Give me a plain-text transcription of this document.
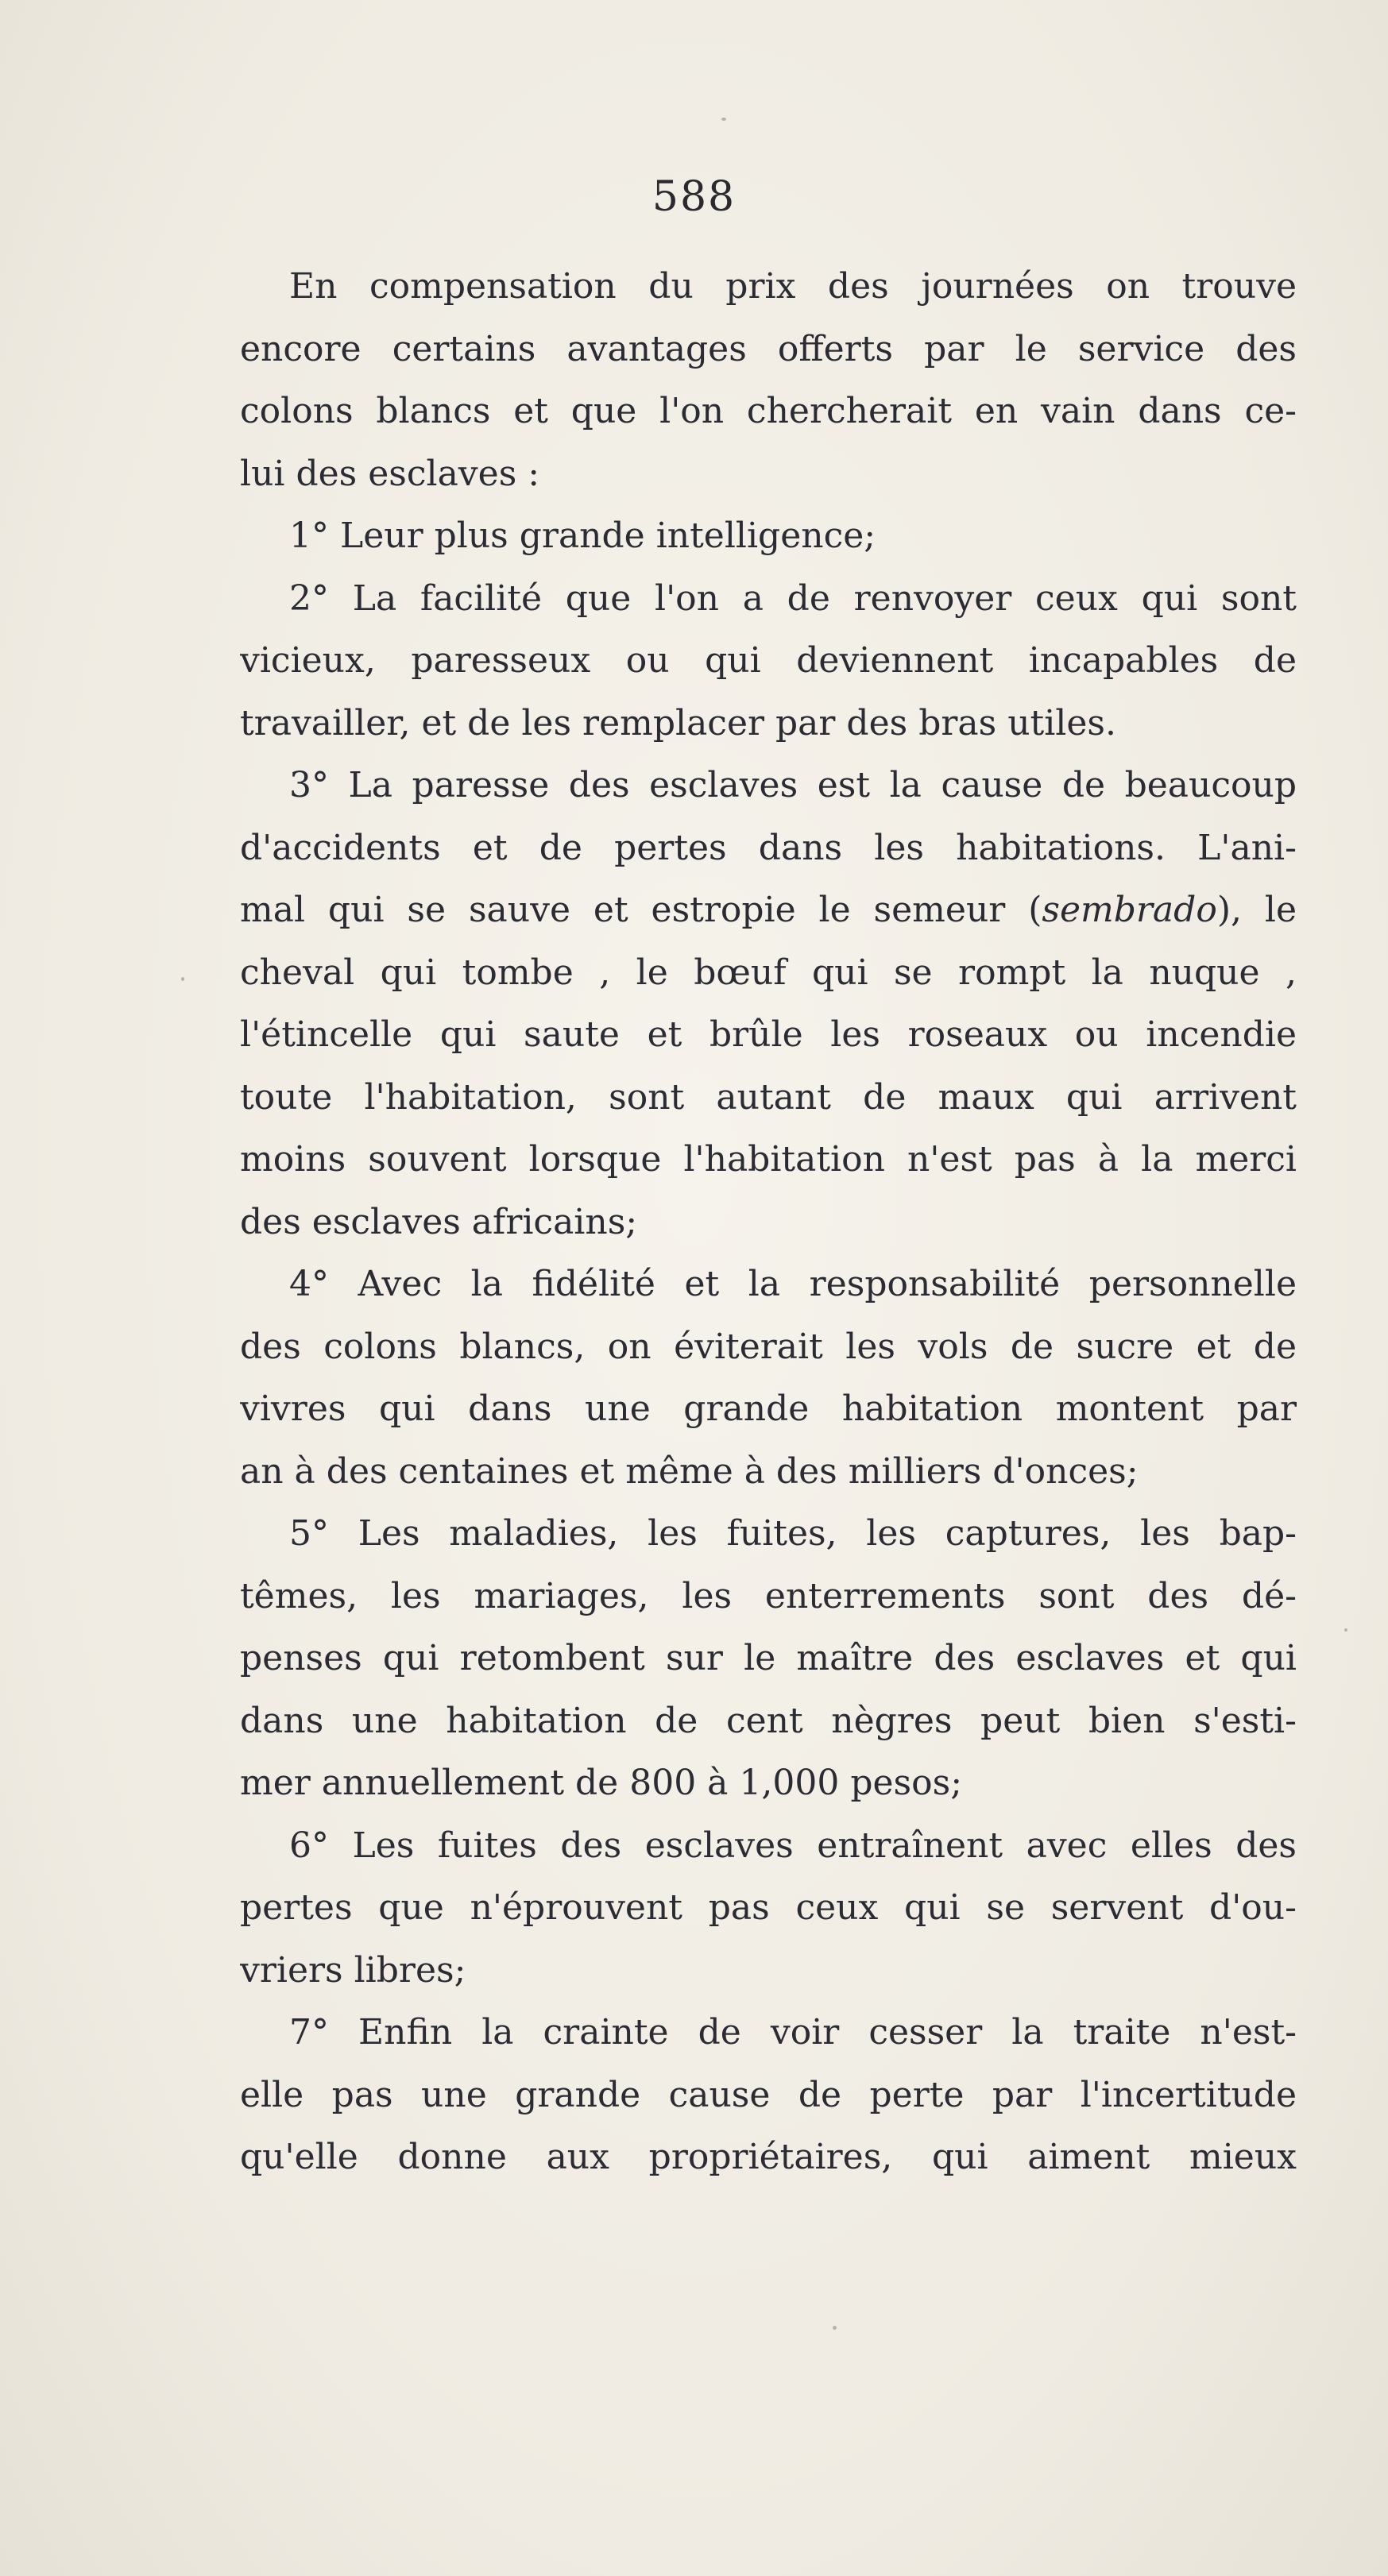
588
En compensation du prix des journées on trouve
encore certains avantages offerts par le service des
colons blancs et que l'on chercherait en vain dans ce-
lui des esclaves :
1° Leur plus grande intelligence;
2° La facilité que l'on a de renvoyer ceux qui sont
vicieux, paresseux ou qui deviennent incapables de
travailler, et de les remplacer par des bras utiles.
3° La paresse des esclaves est la cause de beaucoup
d'accidents et de pertes dans les habitations. L'ani-
mal qui se sauve et estropie le semeur (sembrado), le
cheval qui tombe , le bœuf qui se rompt la nuque ,
l'étincelle qui saute et brûle les roseaux ou incendie
toute l'habitation, sont autant de maux qui arrivent
moins souvent lorsque l'habitation n'est pas à la merci
des esclaves africains;
4° Avec la fidélité et la responsabilité personnelle
des colons blancs, on éviterait les vols de sucre et de
vivres qui dans une grande habitation montent par
an à des centaines et même à des milliers d'onces;
5° Les maladies, les fuites, les captures, les bap-
têmes, les mariages, les enterrements sont des dé-
penses qui retombent sur le maître des esclaves et qui
dans une habitation de cent nègres peut bien s'esti-
mer annuellement de 800 à 1,000 pesos;
6° Les fuites des esclaves entraînent avec elles des
pertes que n'éprouvent pas ceux qui se servent d'ou-
vriers libres;
7° Enfin la crainte de voir cesser la traite n'est-
elle pas une grande cause de perte par l'incertitude
qu'elle donne aux propriétaires, qui aiment mieux
